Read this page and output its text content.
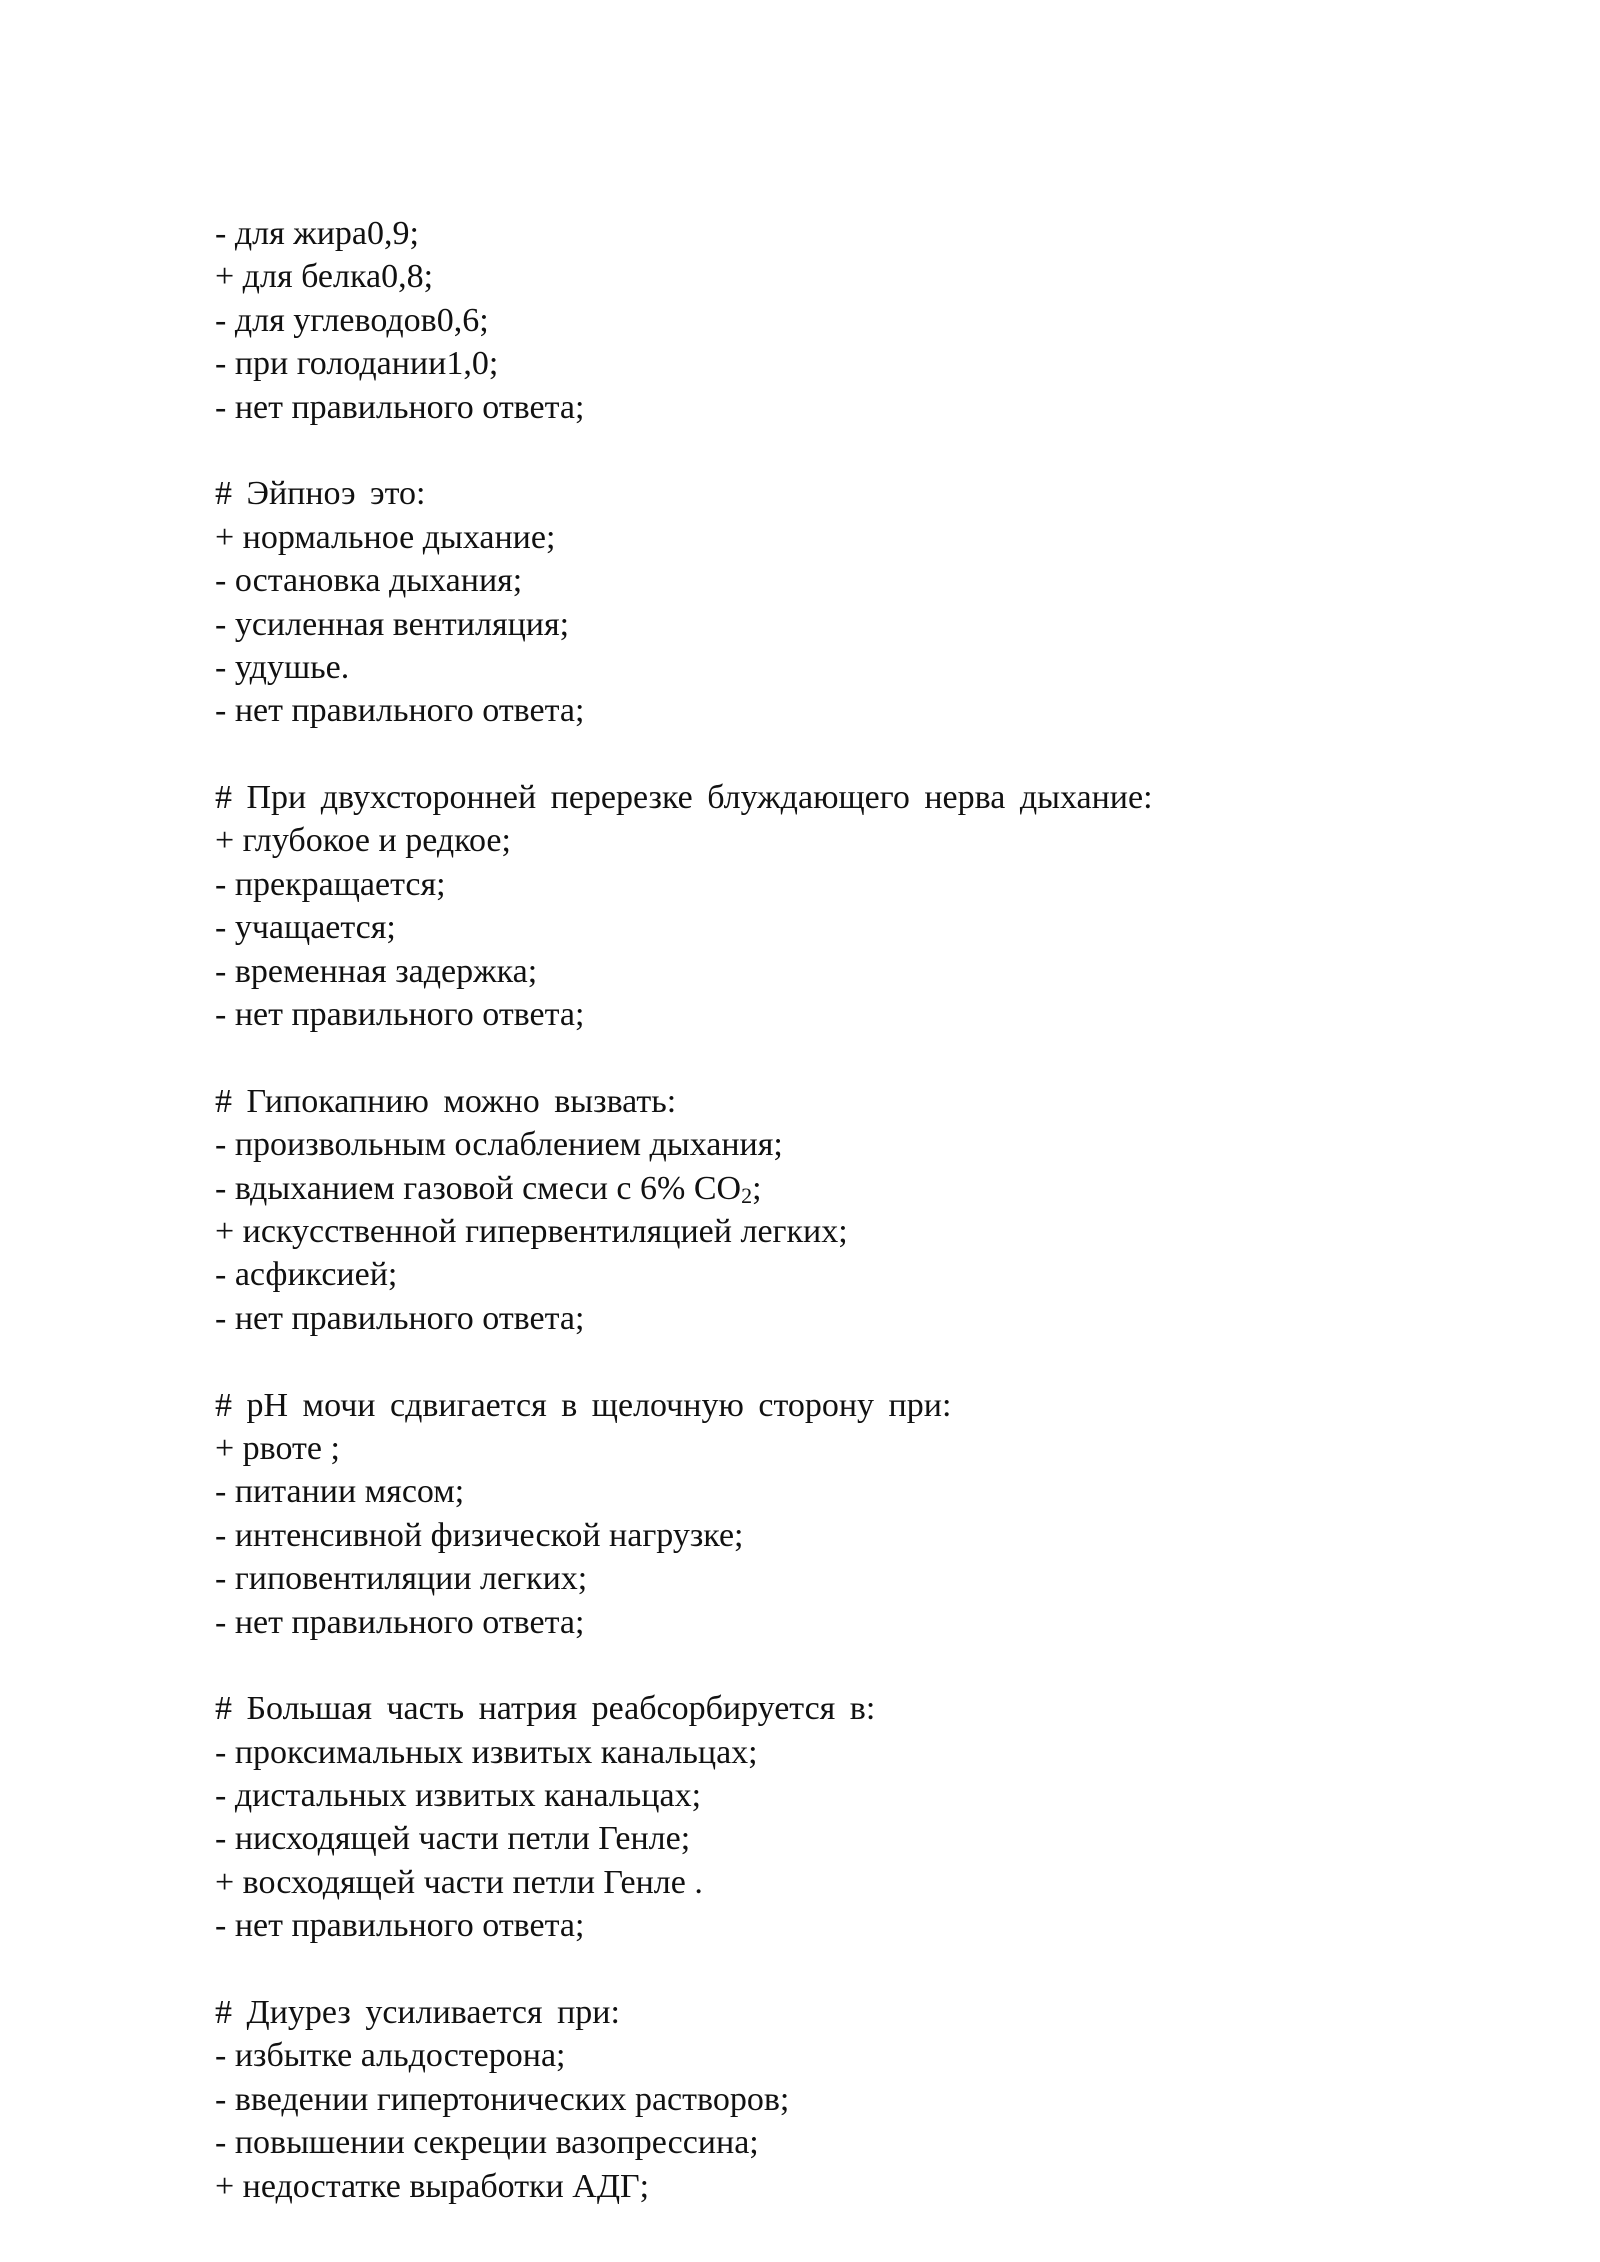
- для жира0,9;
+ для белка0,8;
- для углеводов0,6;
- при голодании1,0;
- нет правильного ответа;
# Эйпноэ это:
+ нормальное дыхание;
- остановка дыхания;
- усиленная вентиляция;
- удушье.
- нет правильного ответа;
# При двухсторонней перерезке блуждающего нерва дыхание:
+ глубокое и редкое;
- прекращается;
- учащается;
- временная задержка;
- нет правильного ответа;
# Гипокапнию можно вызвать:
- произвольным ослаблением дыхания;
- вдыханием газовой смеси с 6% $CO_2$;
+ искусственной гипервентиляцией легких;
- асфиксией;
- нет правильного ответа;
# pH мочи сдвигается в щелочную сторону при:
+ рвоте ;
- питании мясом;
- интенсивной физической нагрузке;
- гиповентиляции легких;
- нет правильного ответа;
# Большая часть натрия реабсорбируется в:
- проксимальных извитых канальцах;
- дистальных извитых канальцах;
- нисходящей части петли Генле;
+ восходящей части петли Генле .
- нет правильного ответа;
# Диурез усиливается при:
- избытке альдостерона;
- введении гипертонических растворов;
- повышении секреции вазопрессина;
+ недостатке выработки АДГ;
